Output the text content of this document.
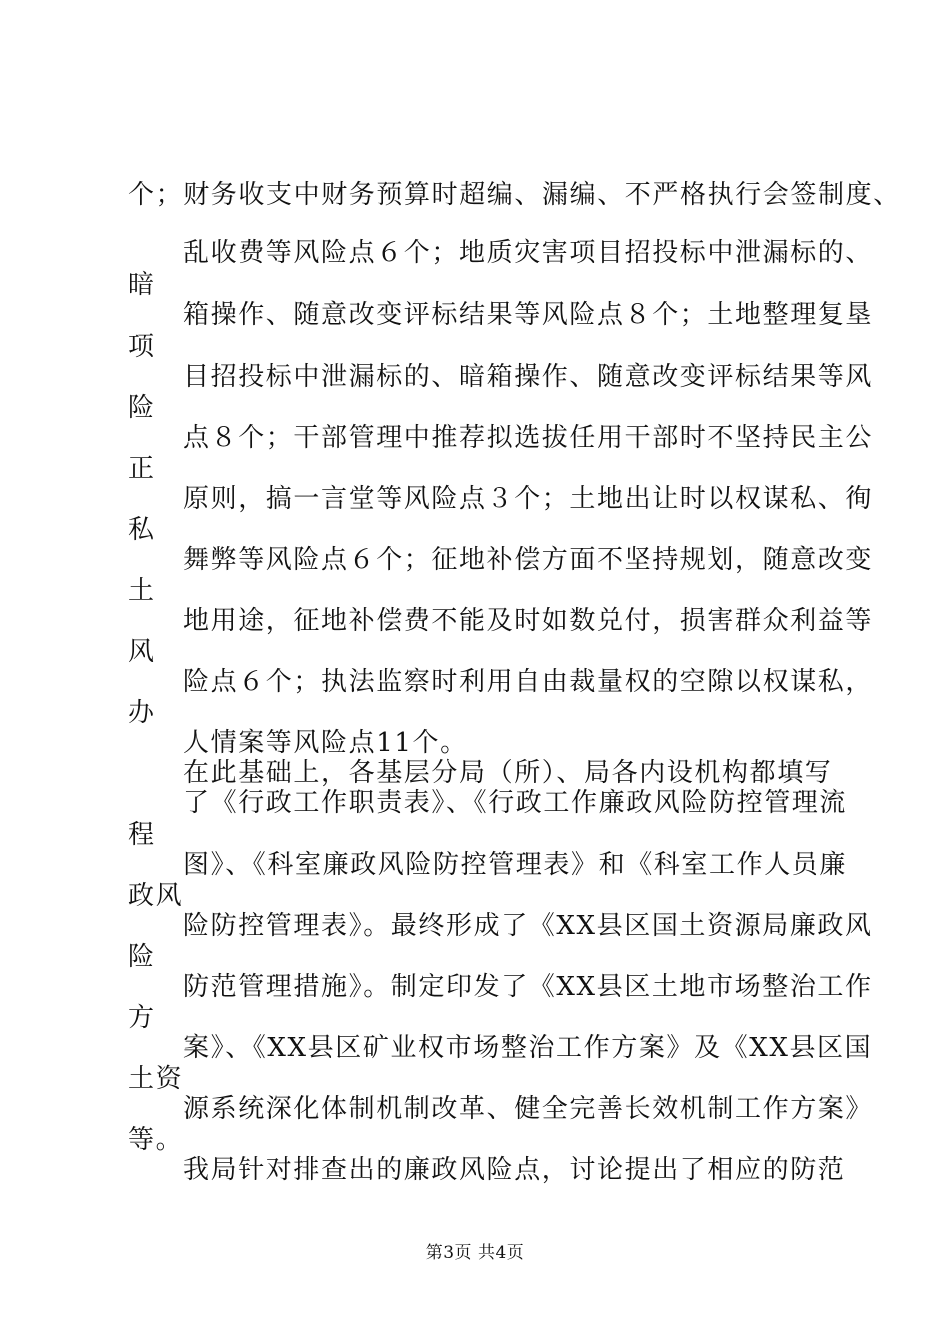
个；财务收支中财务预算时超编、漏编、不严格执行会签制度、
乱收费等风险点６个；地质灾害项目招投标中泄漏标的、
暗
箱操作、随意改变评标结果等风险点８个；土地整理复垦
项
目招投标中泄漏标的、暗箱操作、随意改变评标结果等风
险
点８个；干部管理中推荐拟选拔任用干部时不坚持民主公
正
原则，搞一言堂等风险点３个；土地出让时以权谋私、徇
私
舞弊等风险点６个；征地补偿方面不坚持规划，随意改变
土
地用途，征地补偿费不能及时如数兑付，损害群众利益等
风
险点６个；执法监察时利用自由裁量权的空隙以权谋私，
办
人情案等风险点11个。
在此基础上，各基层分局（所）、局各内设机构都填写
了《行政工作职责表》、《行政工作廉政风险防控管理流
程
图》、《科室廉政风险防控管理表》和《科室工作人员廉
政风
险防控管理表》。最终形成了《XX县区国土资源局廉政风
险
防范管理措施》。制定印发了《XX县区土地市场整治工作
方
案》、《XX县区矿业权市场整治工作方案》及《XX县区国
土资
源系统深化体制机制改革、健全完善长效机制工作方案》
等。
我局针对排查出的廉政风险点，讨论提出了相应的防范
第3页 共4页
